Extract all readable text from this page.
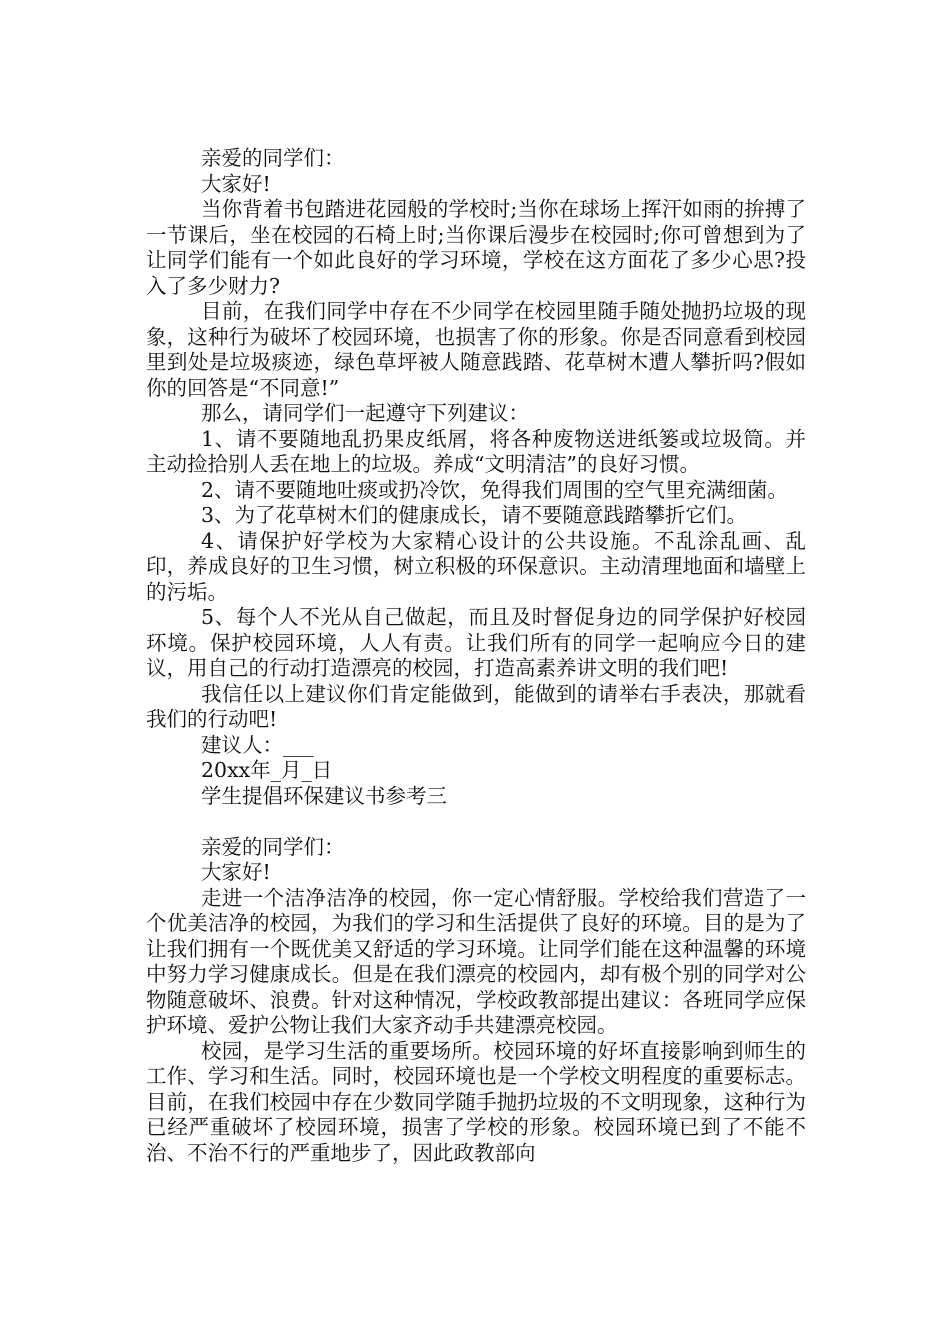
亲爱的同学们：

大家好!

当你背着书包踏进花园般的学校时;当你在球场上挥汗如雨的拚搏了一节课后，坐在校园的石椅上时;当你课后漫步在校园时;你可曾想到为了让同学们能有一个如此良好的学习环境，学校在这方面花了多少心思?投入了多少财力?

目前，在我们同学中存在不少同学在校园里随手随处抛扔垃圾的现象，这种行为破坏了校园环境，也损害了你的形象。你是否同意看到校园里到处是垃圾痰迹，绿色草坪被人随意践踏、花草树木遭人攀折吗?假如你的回答是“不同意!”

那么，请同学们一起遵守下列建议：

1、请不要随地乱扔果皮纸屑，将各种废物送进纸篓或垃圾筒。并主动捡拾别人丢在地上的垃圾。养成“文明清洁”的良好习惯。

2、请不要随地吐痰或扔冷饮，免得我们周围的空气里充满细菌。

3、为了花草树木们的健康成长，请不要随意践踏攀折它们。

4、请保护好学校为大家精心设计的公共设施。不乱涂乱画、乱印，养成良好的卫生习惯，树立积极的环保意识。主动清理地面和墙壁上的污垢。

5、每个人不光从自己做起，而且及时督促身边的同学保护好校园环境。保护校园环境，人人有责。让我们所有的同学一起响应今日的建议，用自己的行动打造漂亮的校园，打造高素养讲文明的我们吧!

我信任以上建议你们肯定能做到，能做到的请举右手表决，那就看我们的行动吧!

建议人：___

20xx年_月_日

学生提倡环保建议书参考三

亲爱的同学们：

大家好!

走进一个洁净洁净的校园，你一定心情舒服。学校给我们营造了一个优美洁净的校园，为我们的学习和生活提供了良好的环境。目的是为了让我们拥有一个既优美又舒适的学习环境。让同学们能在这种温馨的环境中努力学习健康成长。但是在我们漂亮的校园内，却有极个别的同学对公物随意破坏、浪费。针对这种情况，学校政教部提出建议：各班同学应保护环境、爱护公物让我们大家齐动手共建漂亮校园。

校园，是学习生活的重要场所。校园环境的好坏直接影响到师生的工作、学习和生活。同时，校园环境也是一个学校文明程度的重要标志。目前，在我们校园中存在少数同学随手抛扔垃圾的不文明现象，这种行为已经严重破坏了校园环境，损害了学校的形象。校园环境已到了不能不治、不治不行的严重地步了，因此政教部向
